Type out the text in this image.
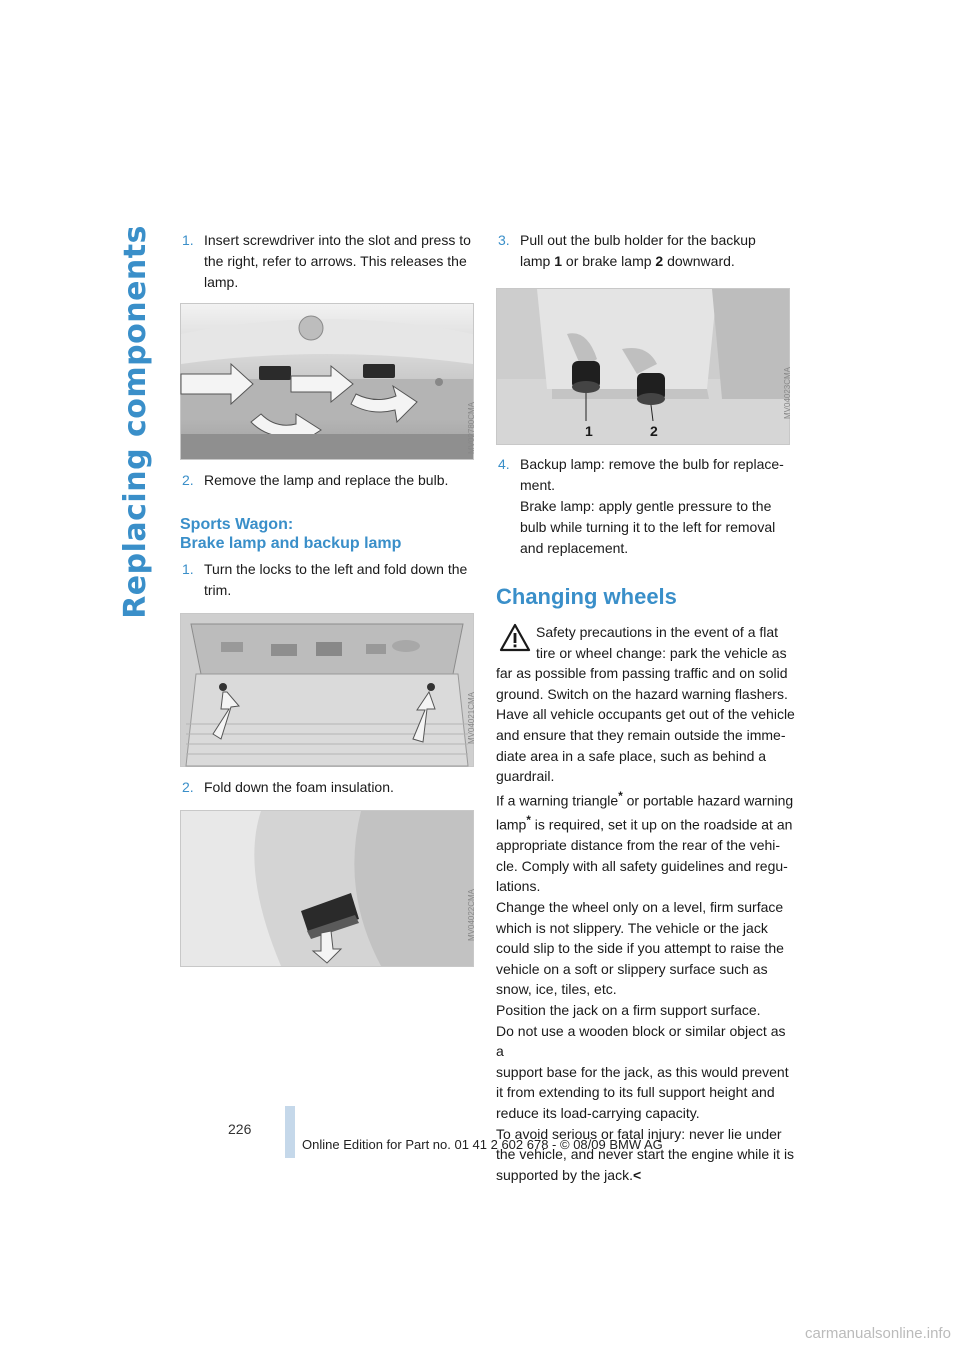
Replacing components 1. Insert screwdriver into the slot and press to
the right, refer to arrows. This releases the
lamp.

MV02780CMA

2. Remove the lamp and replace the bulb.

Sports Wagon:

Brake lamp and backup lamp

1. Turn the locks to the left and fold down the
trim.

MV04021CMA

2. Fold down the foam insulation.

MV04022CMA

3. Pull out the bulb holder for the backup
lamp 1 or brake lamp 2 downward.

1	2
MV04023CMA

4. Backup lamp: remove the bulb for replace-
ment.
Brake lamp: apply gentle pressure to the
bulb while turning it to the left for removal
and replacement.

Changing wheels
Safety precautions in the event of a flat
tire or wheel change: park the vehicle as
far as possible from passing traffic and on solid
ground. Switch on the hazard warning flashers.
Have all vehicle occupants get out of the vehicle
and ensure that they remain outside the imme-
diate area in a safe place, such as behind a
guardrail.
If a warning triangle* or portable hazard warning
lamp* is required, set it up on the roadside at an
appropriate distance from the rear of the vehi-
cle. Comply with all safety guidelines and regu-
lations.
Change the wheel only on a level, firm surface
which is not slippery. The vehicle or the jack
could slip to the side if you attempt to raise the
vehicle on a soft or slippery surface such as
snow, ice, tiles, etc.
Position the jack on a firm support surface.
Do not use a wooden block or similar object as a
support base for the jack, as this would prevent
it from extending to its full support height and
reduce its load-carrying capacity.
To avoid serious or fatal injury: never lie under
the vehicle, and never start the engine while it is
supported by the jack.<
226
Online Edition for Part no. 01 41 2 602 678 - © 08/09 BMW AG
carmanualsonline.info
